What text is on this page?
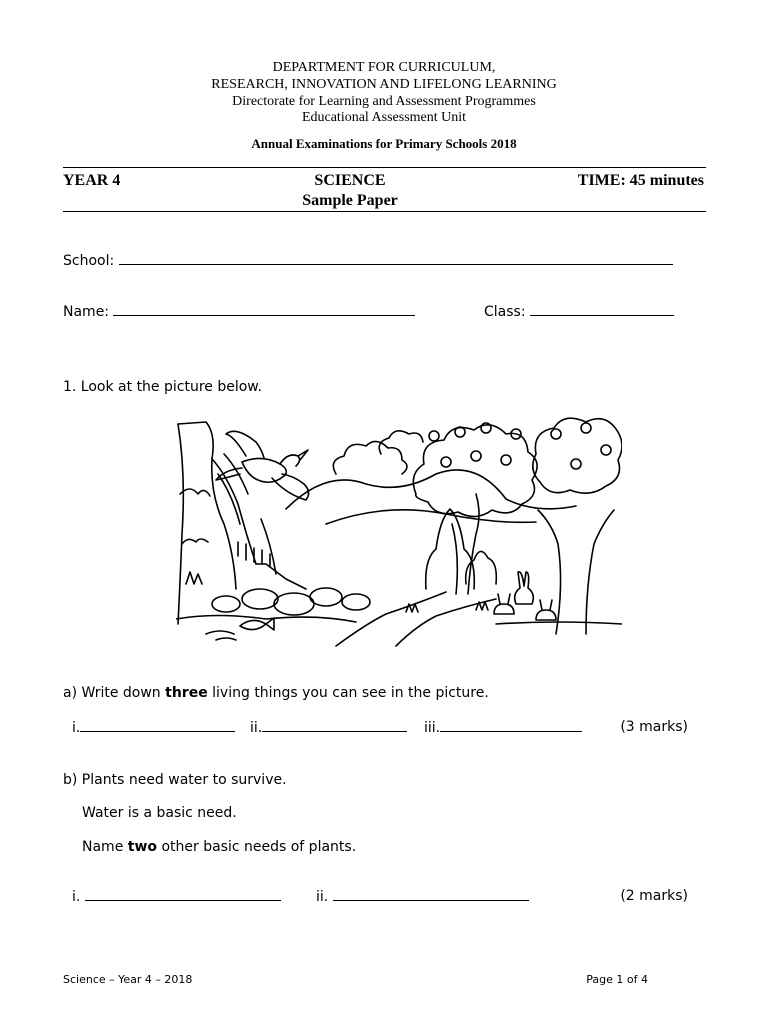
DEPARTMENT FOR CURRICULUM,
RESEARCH, INNOVATION AND LIFELONG LEARNING
Directorate for Learning and Assessment Programmes
Educational Assessment Unit
Annual Examinations for Primary Schools 2018
YEAR 4	SCIENCE
Sample Paper
TIME: 45 minutes
School:
Name:	Class:
1. Look at the picture below.
a) Write down three living things you can see in the picture.
i.	ii.	iii.	(3 marks)
b) Plants need water to survive.
Water is a basic need.
Name two other basic needs of plants.
i.	ii.	(2 marks)
Science – Year 4 – 2018	Page 1 of 4
